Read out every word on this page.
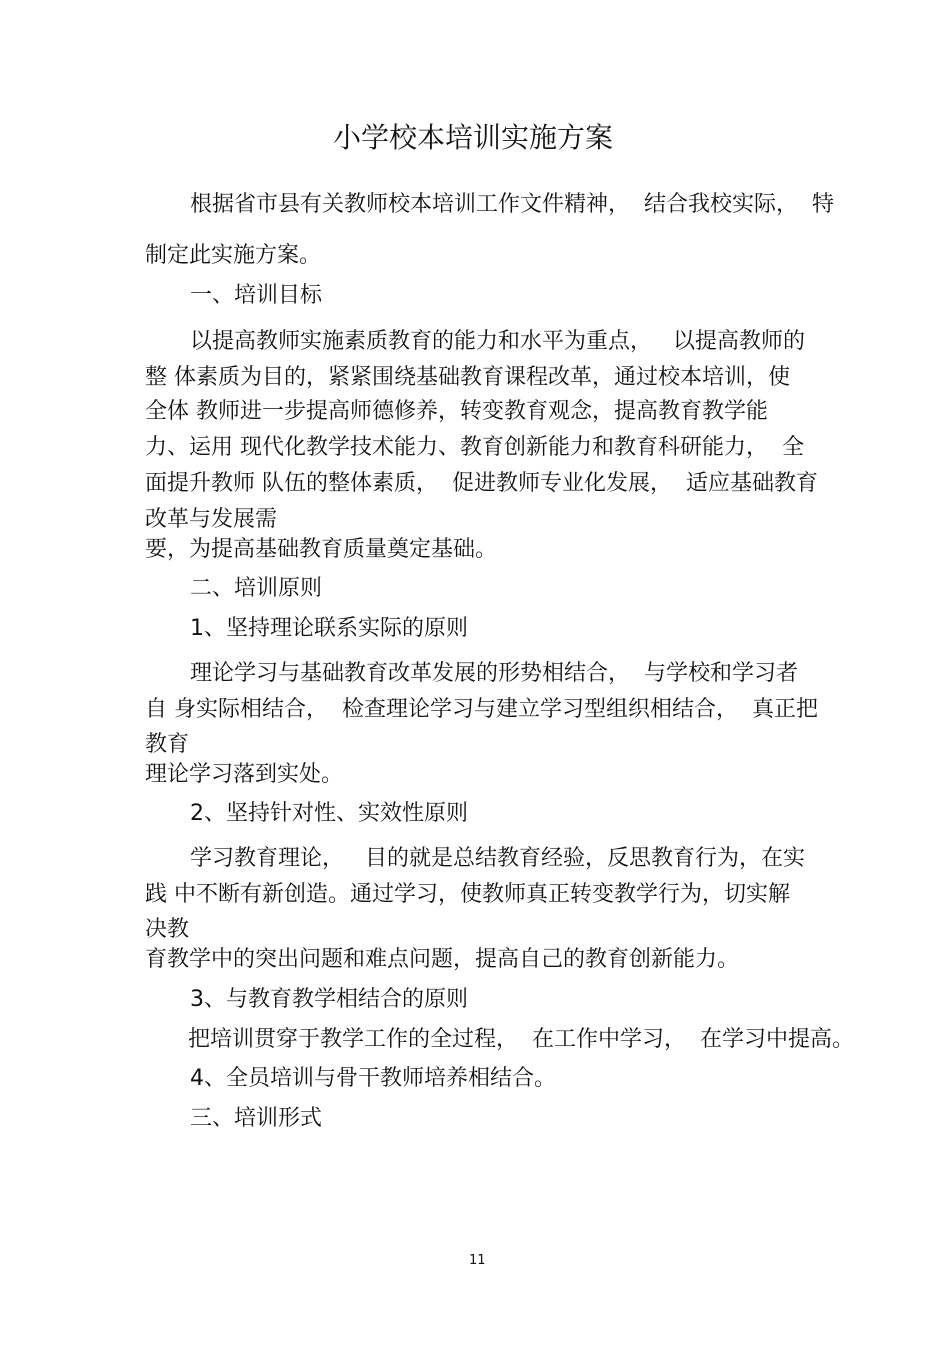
小学校本培训实施方案
根据省市县有关教师校本培训工作文件精神，  结合我校实际，  特
制定此实施方案。
一、培训目标
以提高教师实施素质教育的能力和水平为重点，   以提高教师的
整 体素质为目的，紧紧围绕基础教育课程改革，通过校本培训，使
全体 教师进一步提高师德修养，转变教育观念，提高教育教学能
力、运用 现代化教学技术能力、教育创新能力和教育科研能力，  全
面提升教师 队伍的整体素质，  促进教师专业化发展，  适应基础教育
改革与发展需
要，为提高基础教育质量奠定基础。
二、培训原则
1、坚持理论联系实际的原则
理论学习与基础教育改革发展的形势相结合，  与学校和学习者
自 身实际相结合，  检查理论学习与建立学习型组织相结合，  真正把
教育
理论学习落到实处。
2、坚持针对性、实效性原则
学习教育理论，   目的就是总结教育经验，反思教育行为，在实
践 中不断有新创造。通过学习，使教师真正转变教学行为，切实解
决教
育教学中的突出问题和难点问题，提高自己的教育创新能力。
3、与教育教学相结合的原则
把培训贯穿于教学工作的全过程，  在工作中学习，  在学习中提高。
4、全员培训与骨干教师培养相结合。
三、培训形式
11
